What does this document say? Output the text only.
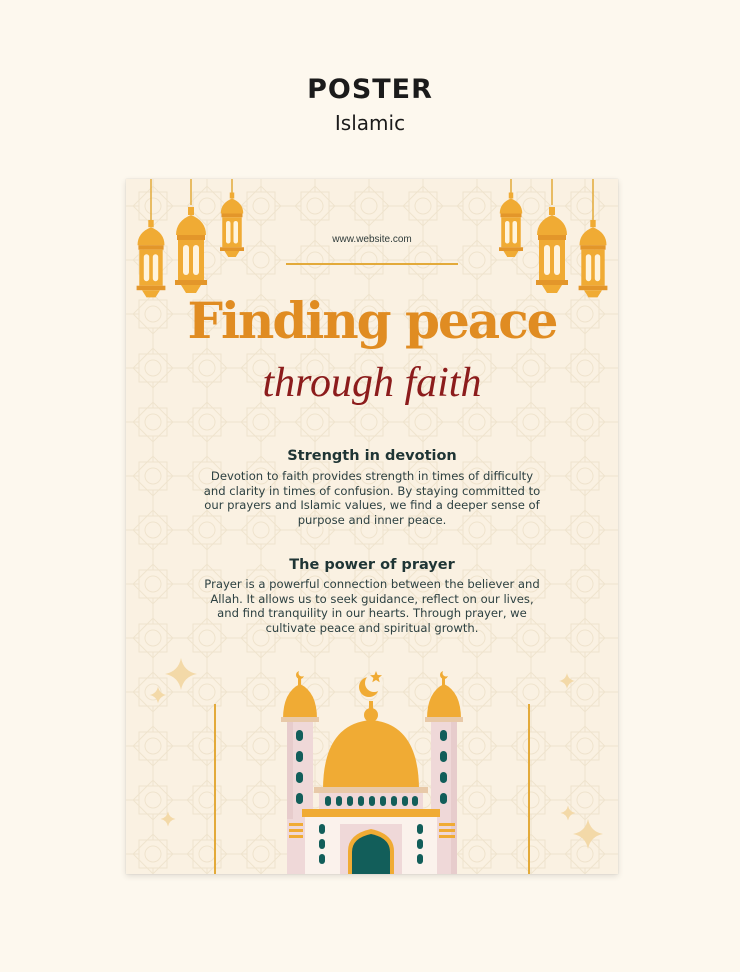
POSTER
Islamic
www.website.com
Finding peace
through faith
Strength in devotion
Devotion to faith provides strength in times of difficulty and clarity in times of confusion. By staying committed to our prayers and Islamic values, we find a deeper sense of purpose and inner peace.
The power of prayer
Prayer is a powerful connection between the believer and Allah. It allows us to seek guidance, reflect on our lives, and find tranquility in our hearts. Through prayer, we cultivate peace and spiritual growth.
